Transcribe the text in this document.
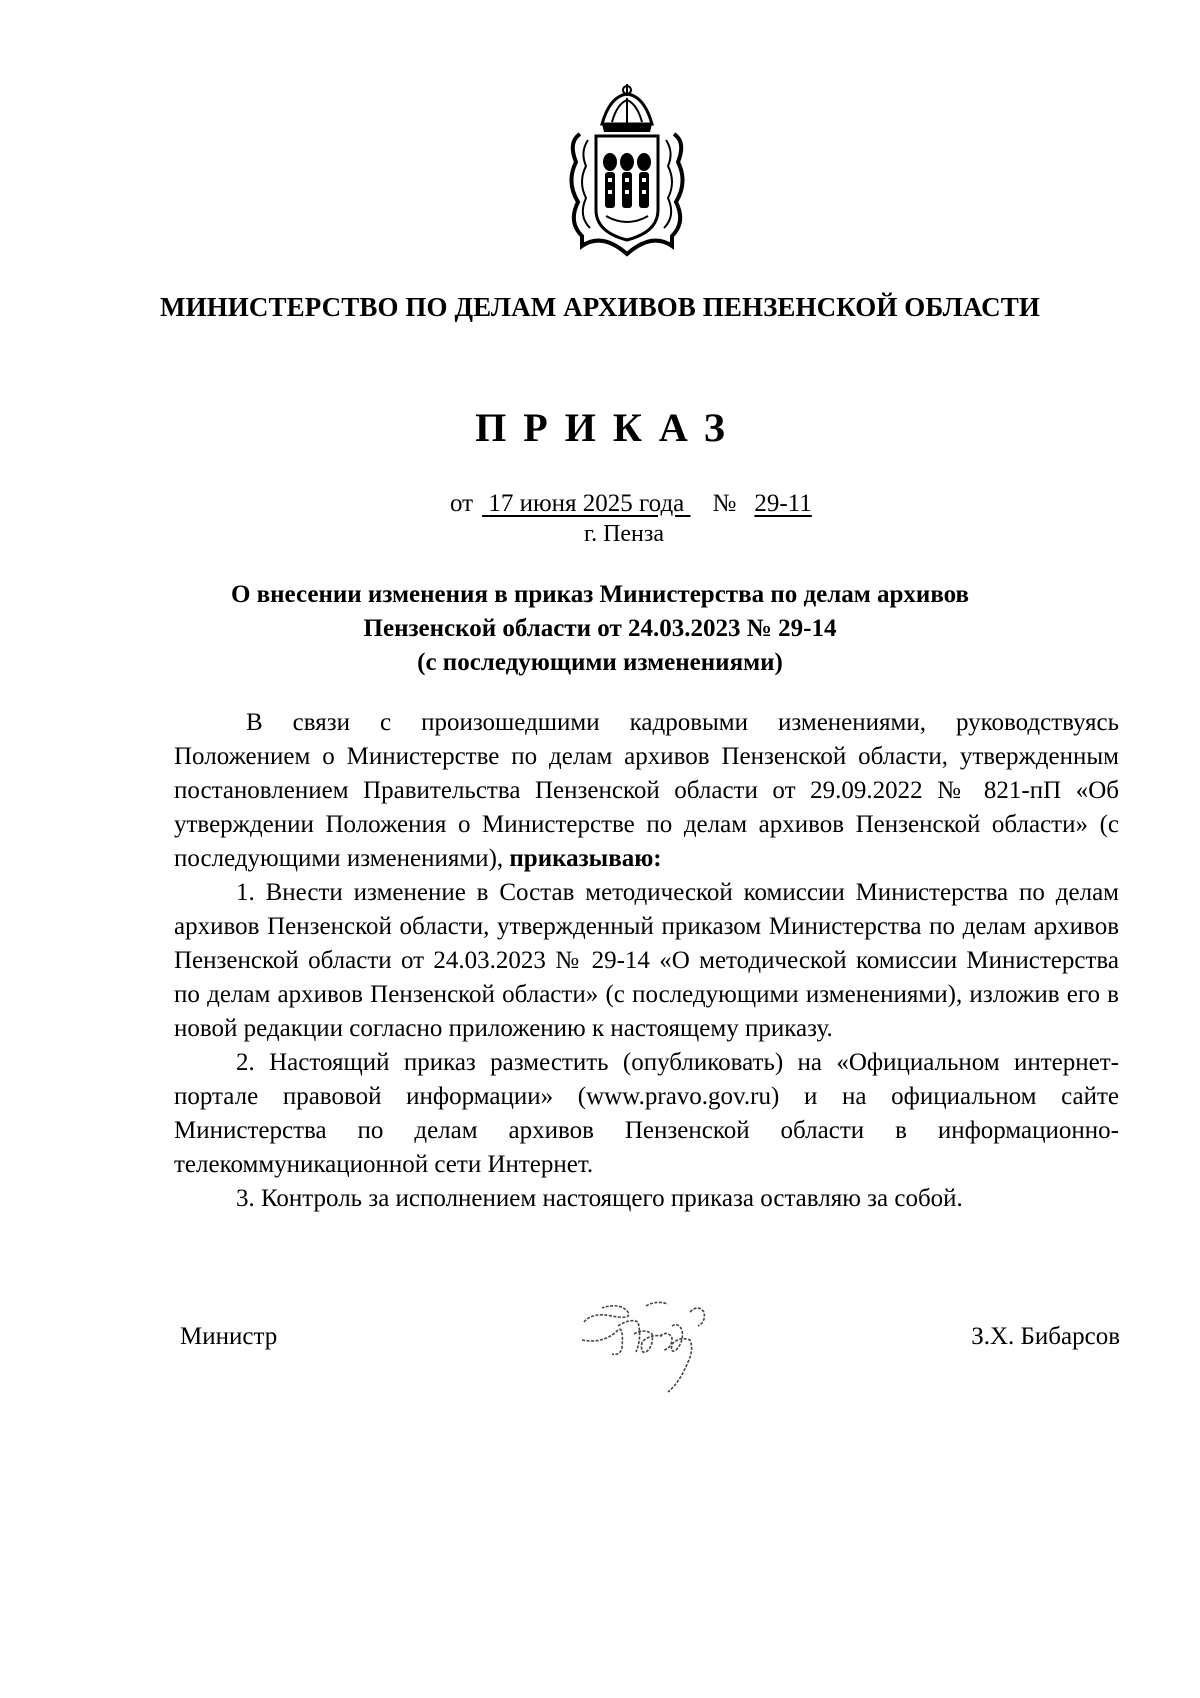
МИНИСТЕРСТВО ПО ДЕЛАМ АРХИВОВ ПЕНЗЕНСКОЙ ОБЛАСТИ
ПРИКАЗ
от 17 июня 2025 года № 29-11
г. Пенза
О внесении изменения в приказ Министерства по делам архивов
Пензенской области от 24.03.2023 № 29-14
(с последующими изменениями)

В связи с произошедшими кадровыми изменениями, руководствуясь Положением о Министерстве по делам архивов Пензенской области, утвержденным постановлением Правительства Пензенской области от 29.09.2022 № 821-пП «Об утверждении Положения о Министерстве по делам архивов Пензенской области» (с последующими изменениями), приказываю:

1. Внести изменение в Состав методической комиссии Министерства по делам архивов Пензенской области, утвержденный приказом Министерства по делам архивов Пензенской области от 24.03.2023 № 29-14 «О методической комиссии Министерства по делам архивов Пензенской области» (с последующими изменениями), изложив его в новой редакции согласно приложению к настоящему приказу.

2. Настоящий приказ разместить (опубликовать) на «Официальном интернет-портале правовой информации» (www.pravo.gov.ru) и на официальном сайте Министерства по делам архивов Пензенской области в информационно-телекоммуникационной сети Интернет.

3. Контроль за исполнением настоящего приказа оставляю за собой.

Министр	З.Х. Бибарсов
